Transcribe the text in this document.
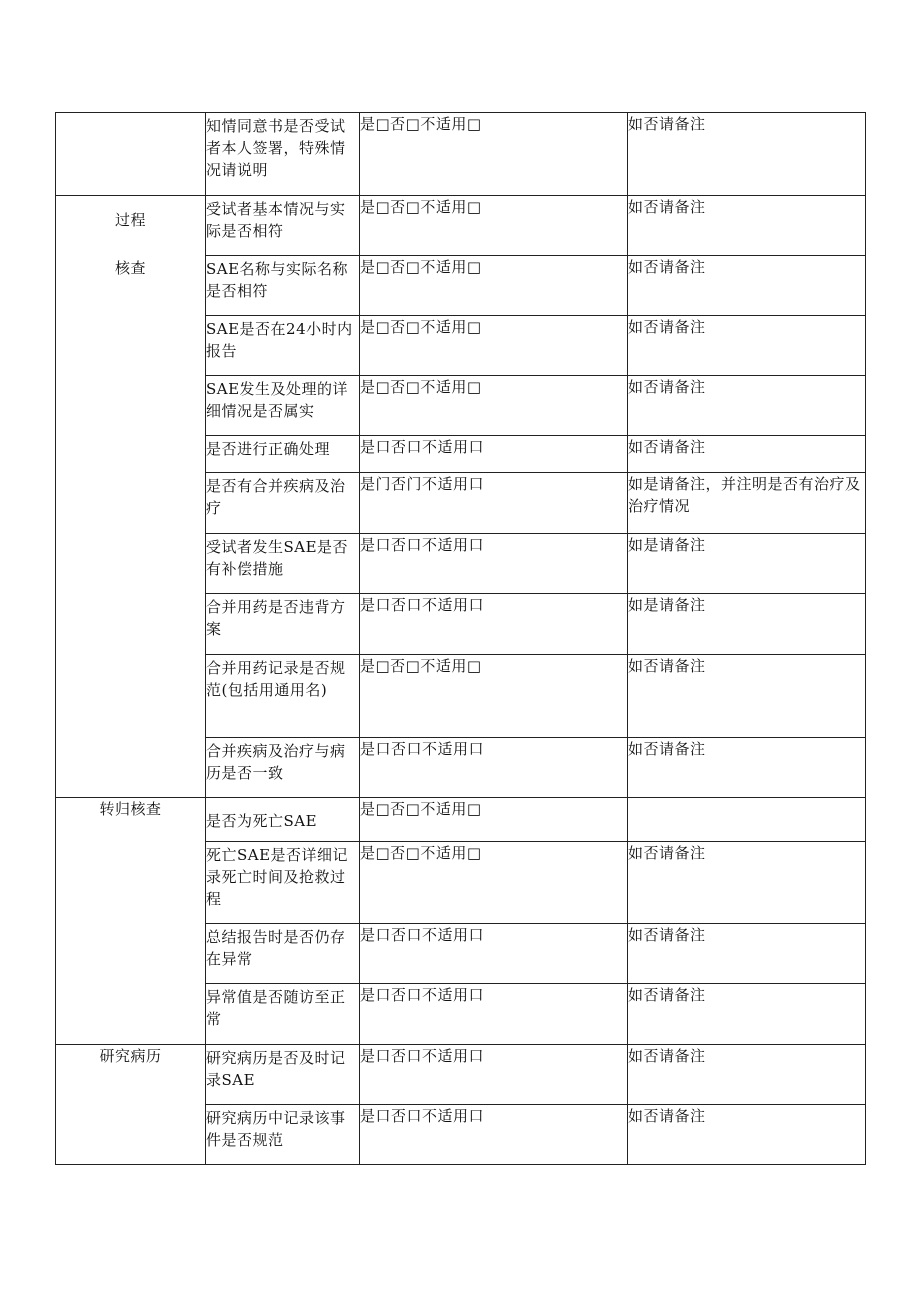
	知情同意书是否受试者本人签署，特殊情况请说明	是□否□不适用□	如否请备注

过程
核查	受试者基本情况与实际是否相符	是□否□不适用□	如否请备注

	SAE名称与实际名称是否相符	是□否□不适用□	如否请备注

	SAE是否在24小时内报告	是□否□不适用□	如否请备注

	SAE发生及处理的详细情况是否属实	是□否□不适用□	如否请备注

	是否进行正确处理	是口否口不适用口	如否请备注

	是否有合并疾病及治疗	是门否门不适用口	如是请备注，并注明是否有治疗及治疗情况

	受试者发生SAE是否有补偿措施	是口否口不适用口	如是请备注

	合并用药是否违背方案	是口否口不适用口	如是请备注

	合并用药记录是否规范(包括用通用名)	是□否□不适用□	如否请备注

	合并疾病及治疗与病历是否一致	是口否口不适用口	如否请备注
转归核查	是否为死亡SAE	是□否□不适用□	

	死亡SAE是否详细记录死亡时间及抢救过程	是□否□不适用□	如否请备注

	总结报告时是否仍存在异常	是口否口不适用口	如否请备注

	异常值是否随访至正常	是口否口不适用口	如否请备注
研究病历	研究病历是否及时记录SAE	是口否口不适用口	如否请备注

	研究病历中记录该事件是否规范	是口否口不适用口	如否请备注
